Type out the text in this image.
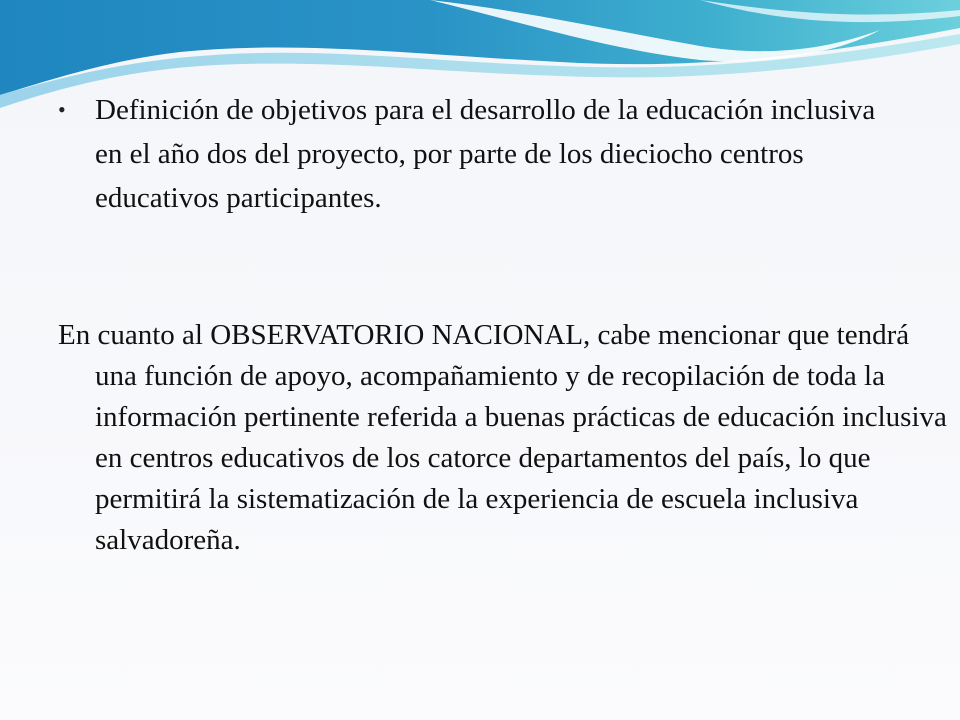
•	Definición de objetivos para el desarrollo de la educación inclusiva en el año dos del proyecto, por parte de los dieciocho centros educativos participantes.

En cuanto al OBSERVATORIO NACIONAL, cabe mencionar que tendrá una función de apoyo, acompañamiento y de recopilación de toda la información pertinente referida a buenas prácticas de educación inclusiva en centros educativos de los catorce departamentos del país, lo que permitirá la sistematización de la experiencia de escuela inclusiva salvadoreña.
